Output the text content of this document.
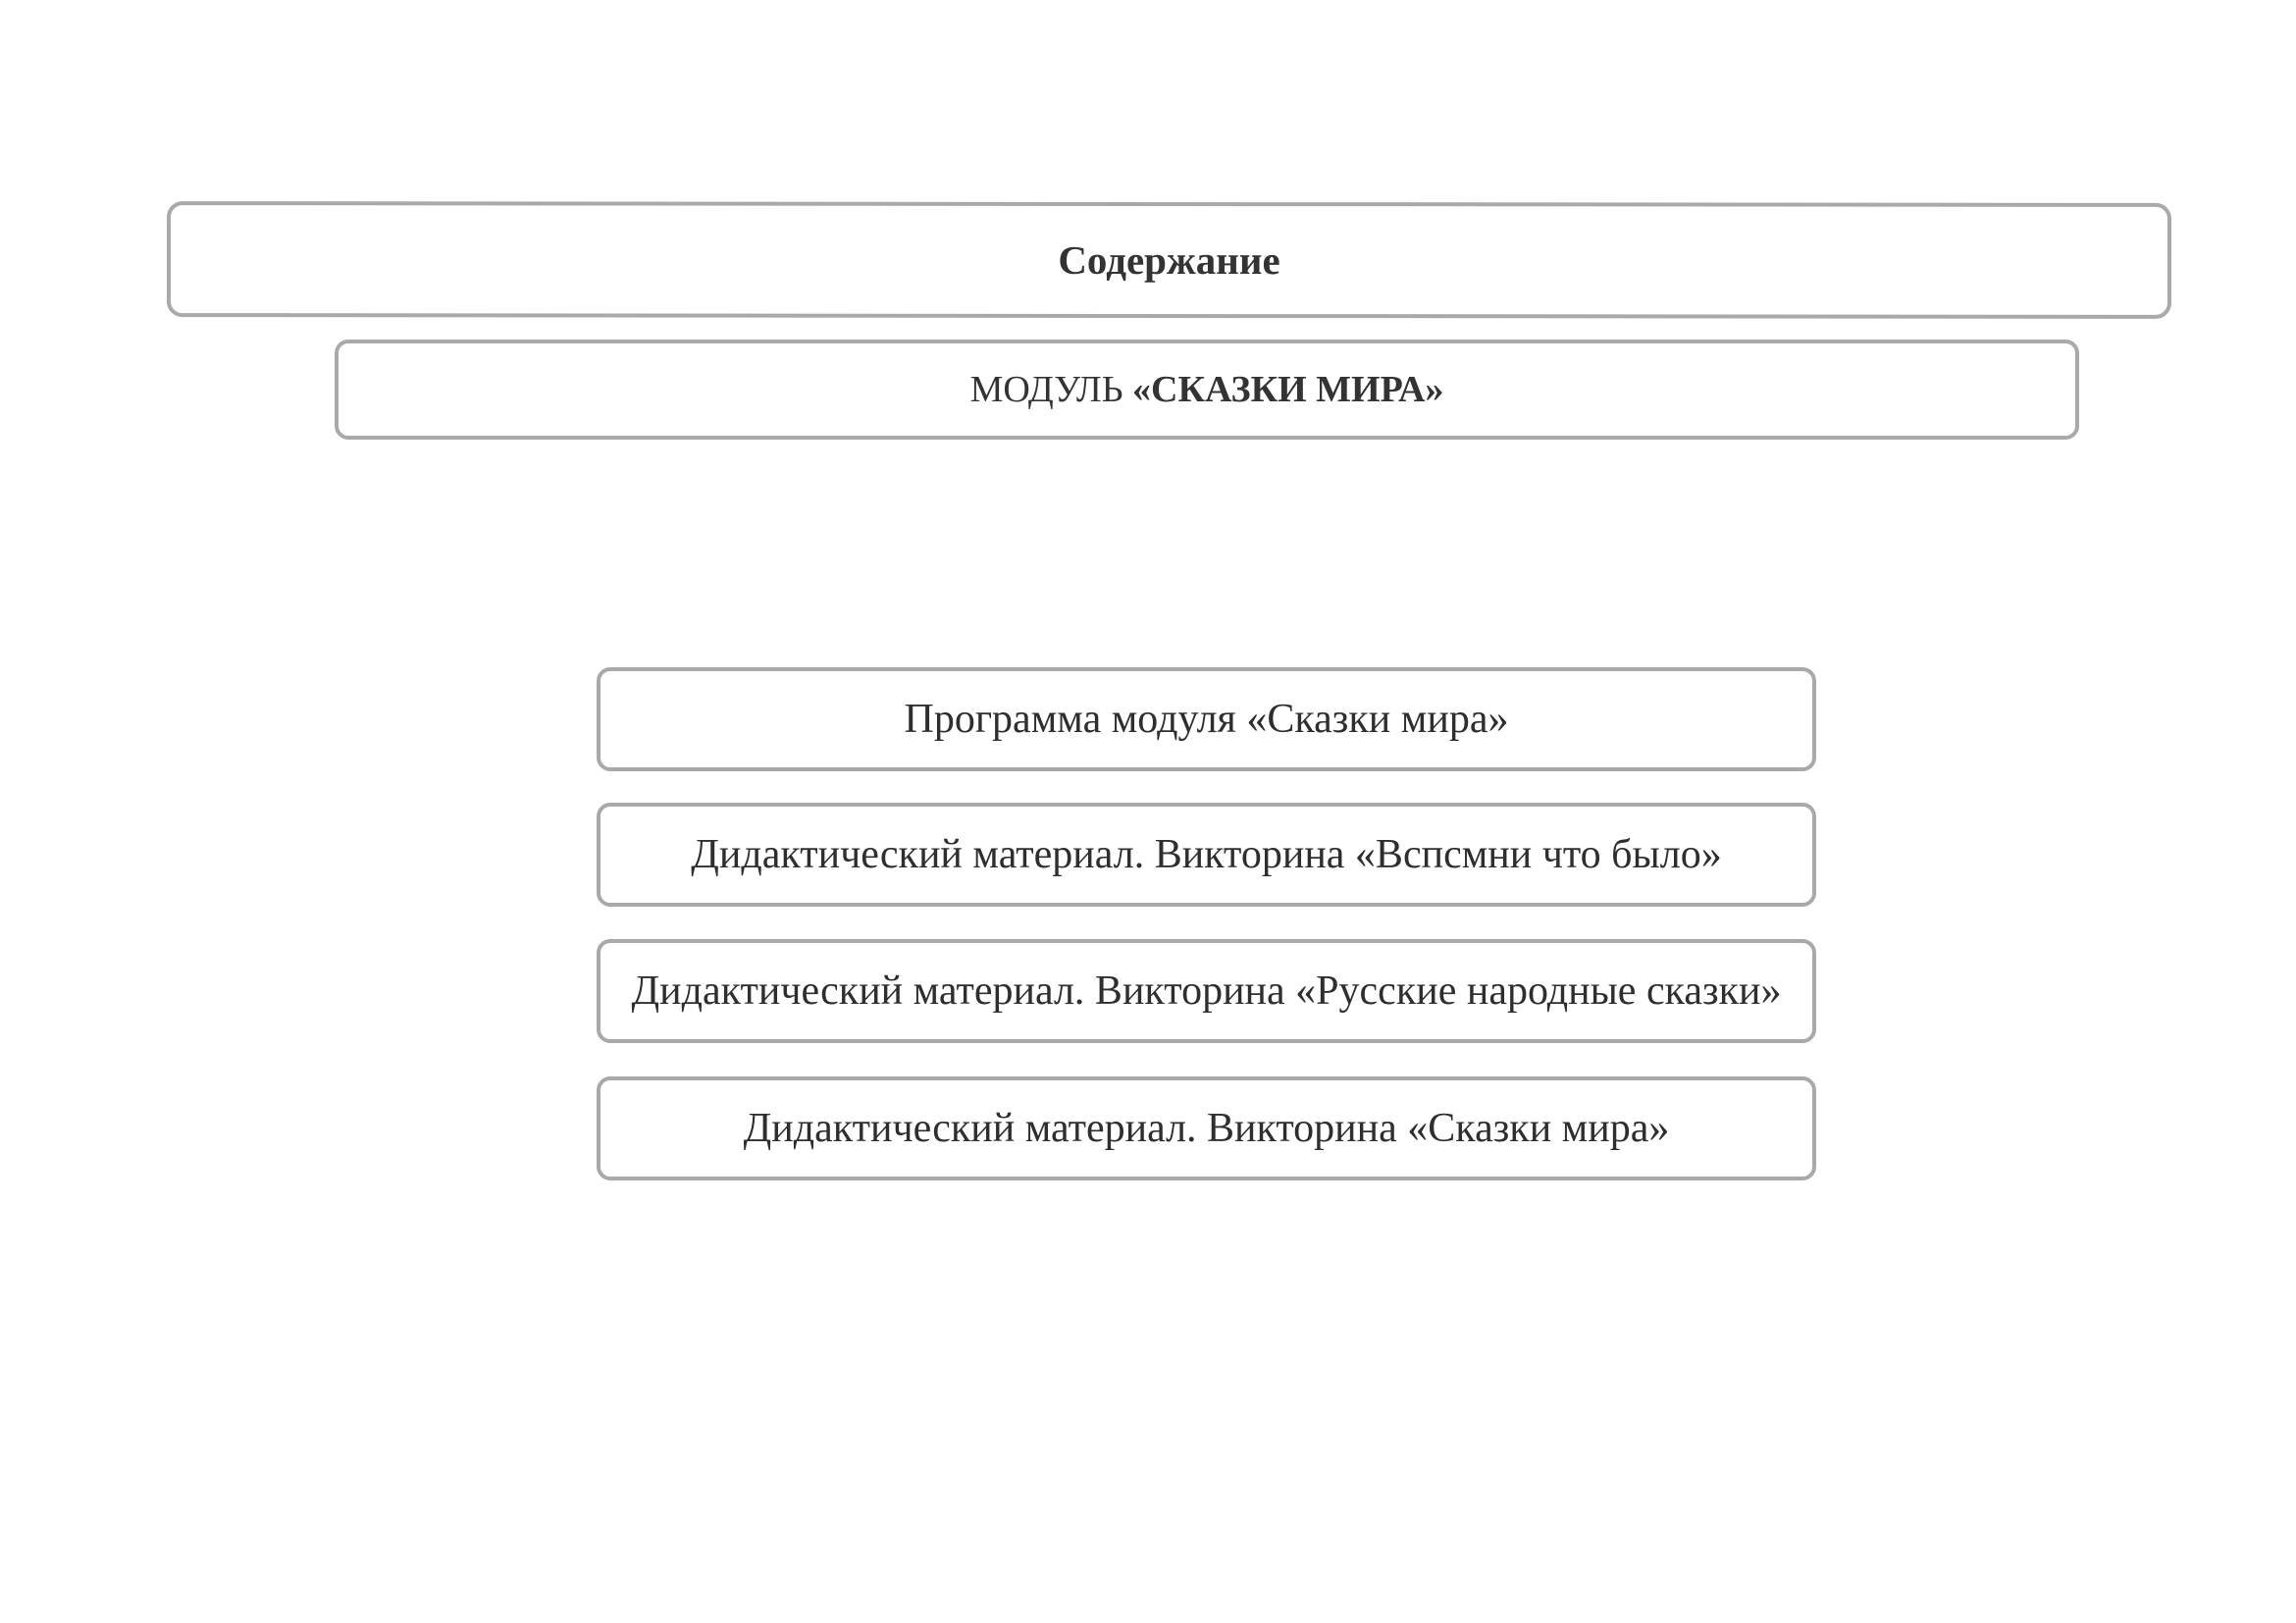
Содержание
МОДУЛЬ «СКАЗКИ МИРА»
Программа модуля «Сказки мира»
Дидактический материал. Викторина «Вспсмни что было»
Дидактический материал. Викторина «Русские народные сказки»
Дидактический материал. Викторина «Сказки мира»
